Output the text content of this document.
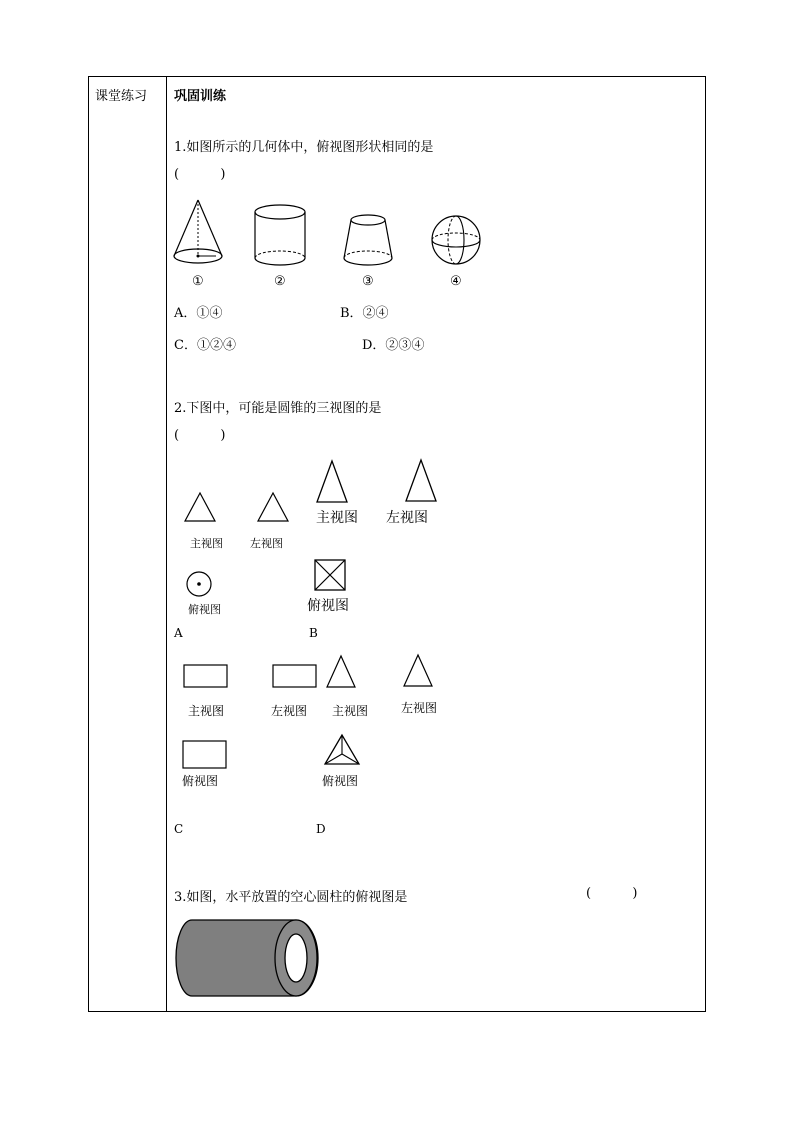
课堂练习 巩固训练
1.如图所示的几何体中，俯视图形状相同的是
(          )
①	②	③	④
A．①④	B．②④
C．①②④	D．②③④
2.下图中，可能是圆锥的三视图的是
(          )
主视图 左视图
俯视图
A
主视图 左视图
俯视图
B
主视图	左视图
俯视图
C
主视图	左视图
俯视图
D
3.如图，水平放置的空心圆柱的俯视图是	(          )
